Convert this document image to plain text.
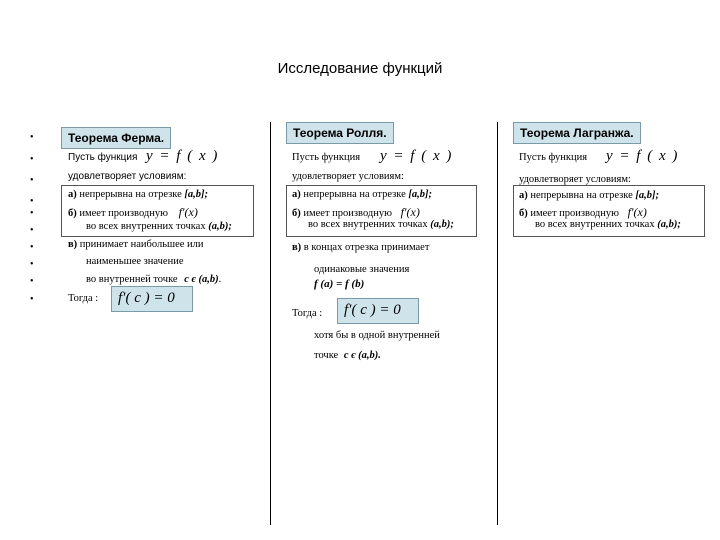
Исследование функций
•
•
•
•
•
•
•
•
•
•
Теорема Ферма.
Пусть функция y = f ( x )
удовлетворяет условиям:
а) непрерывна на отрезке [a,b];
б) имеет производную f′(x)
во всех внутренних точках (a,b);
в) принимает наибольшее или
наименьшее значение
во внутренней точке c є (a,b).
Тогда :	f′( c ) = 0
Теорема Ролля.
Пусть функция y = f ( x )
удовлетворяет условиям:
а) непрерывна на отрезке [a,b];
б) имеет производную f′(x)
во всех внутренних точках (a,b);
в) в концах отрезка принимает
одинаковые значения
f (a) = f (b)
Тогда :	f′( c ) = 0
хотя бы в одной внутренней
точке c є (a,b).
Теорема Лагранжа.
Пусть функция y = f ( x )
удовлетворяет условиям:
а) непрерывна на отрезке [a,b];
б) имеет производную f′(x)
во всех внутренних точках (a,b);
